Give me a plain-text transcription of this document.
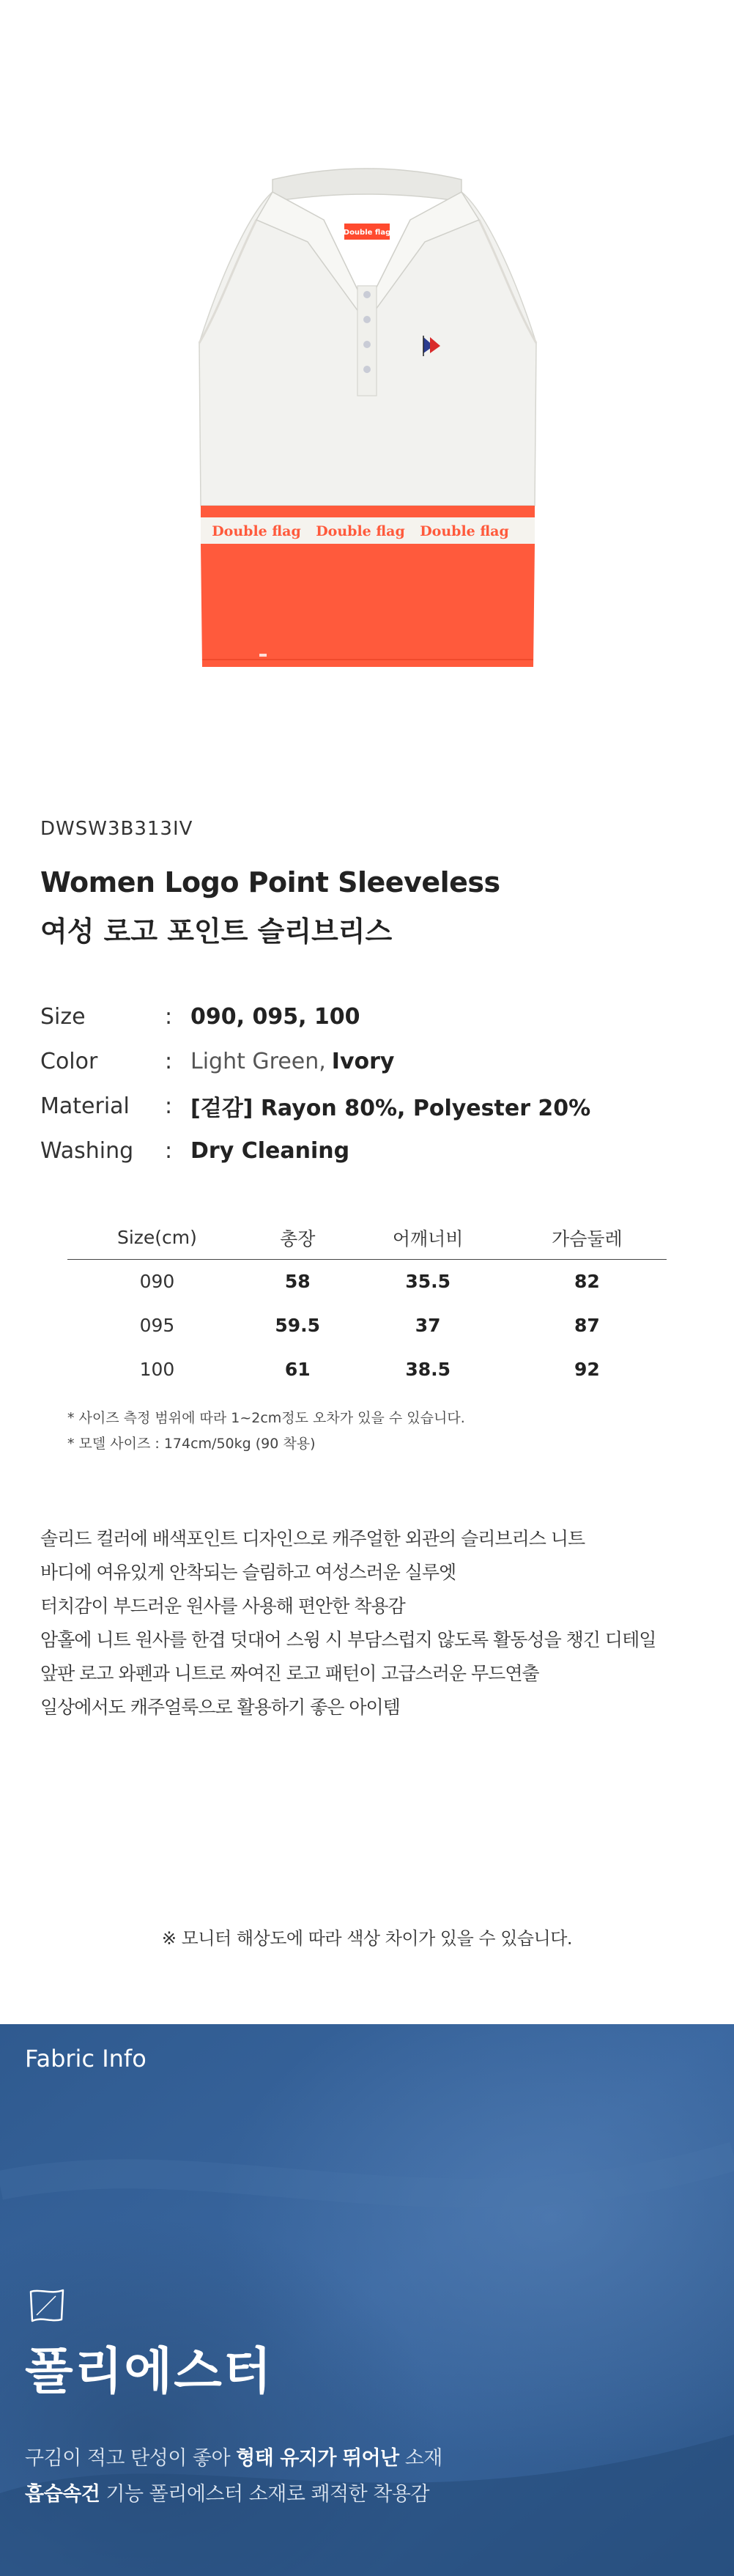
Double flag
Double flag Double flag Double flag
DWSW3B313IV
Women Logo Point Sleeveless
여성 로고 포인트 슬리브리스
Size	: 090, 095, 100
Color	: Light Green, Ivory
Material	: [겉감] Rayon 80%, Polyester 20%
Washing	: Dry Cleaning
Size(cm)	총장	어깨너비	가슴둘레
090	58	35.5	82
095	59.5	37	87
100	61	38.5	92
* 사이즈 측정 범위에 따라 1~2cm정도 오차가 있을 수 있습니다.
* 모델 사이즈 : 174cm/50kg (90 착용)
솔리드 컬러에 배색포인트 디자인으로 캐주얼한 외관의 슬리브리스 니트
바디에 여유있게 안착되는 슬림하고 여성스러운 실루엣
터치감이 부드러운 원사를 사용해 편안한 착용감
암홀에 니트 원사를 한겹 덧대어 스윙 시 부담스럽지 않도록 활동성을 챙긴 디테일
앞판 로고 와펜과 니트로 짜여진 로고 패턴이 고급스러운 무드연출
일상에서도 캐주얼룩으로 활용하기 좋은 아이템
※ 모니터 해상도에 따라 색상 차이가 있을 수 있습니다.
Fabric Info
폴리에스터
구김이 적고 탄성이 좋아 형태 유지가 뛰어난 소재
흡습속건 기능 폴리에스터 소재로 쾌적한 착용감
